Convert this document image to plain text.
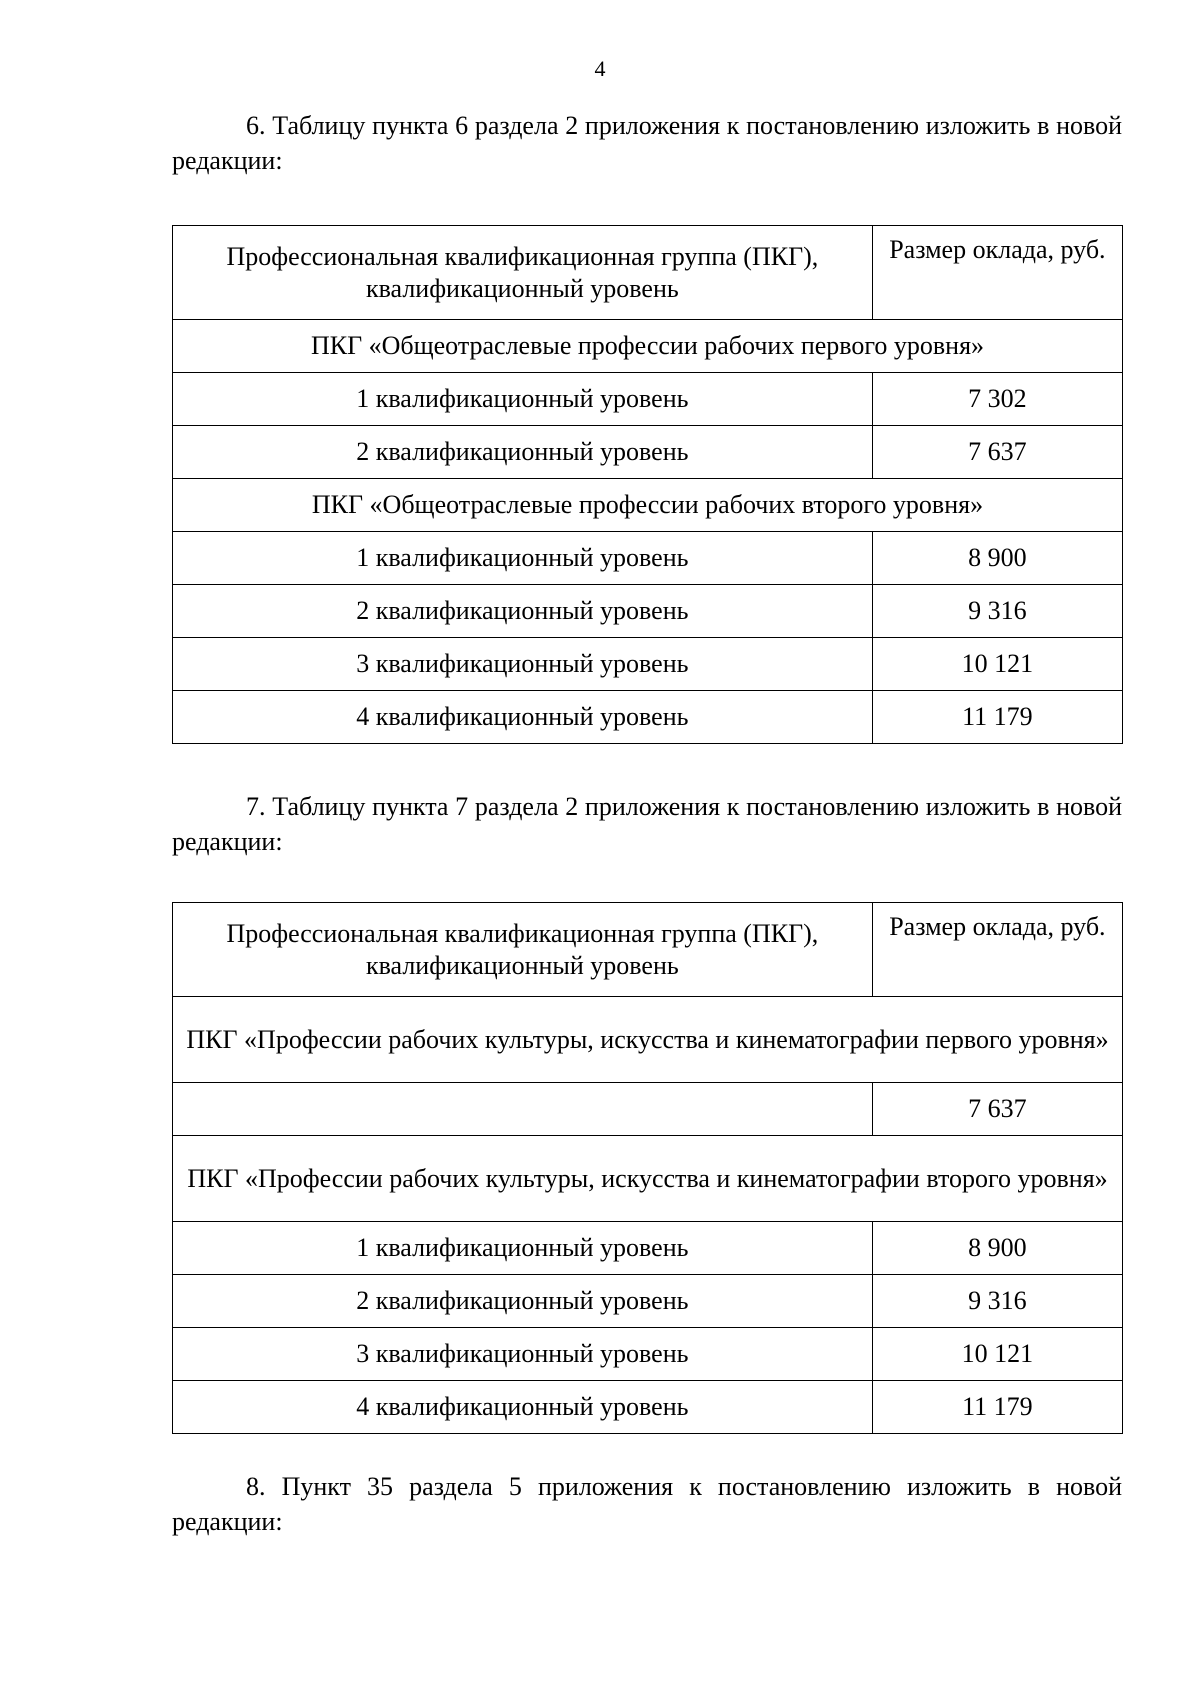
4

6. Таблицу пункта 6 раздела 2 приложения к постановлению изложить в новой редакции:

Профессиональная квалификационная группа (ПКГ), квалификационный уровень	Размер оклада, руб.
ПКГ «Общеотраслевые профессии рабочих первого уровня»	
1 квалификационный уровень	7 302
2 квалификационный уровень	7 637
ПКГ «Общеотраслевые профессии рабочих второго уровня»	
1 квалификационный уровень	8 900
2 квалификационный уровень	9 316
3 квалификационный уровень	10 121
4 квалификационный уровень	11 179

7. Таблицу пункта 7 раздела 2 приложения к постановлению изложить в новой редакции:

Профессиональная квалификационная группа (ПКГ), квалификационный уровень	Размер оклада, руб.
ПКГ «Профессии рабочих культуры, искусства и кинематографии первого уровня»	
	7 637
ПКГ «Профессии рабочих культуры, искусства и кинематографии второго уровня»	
1 квалификационный уровень	8 900
2 квалификационный уровень	9 316
3 квалификационный уровень	10 121
4 квалификационный уровень	11 179

8. Пункт 35 раздела 5 приложения к постановлению изложить в новой редакции:
